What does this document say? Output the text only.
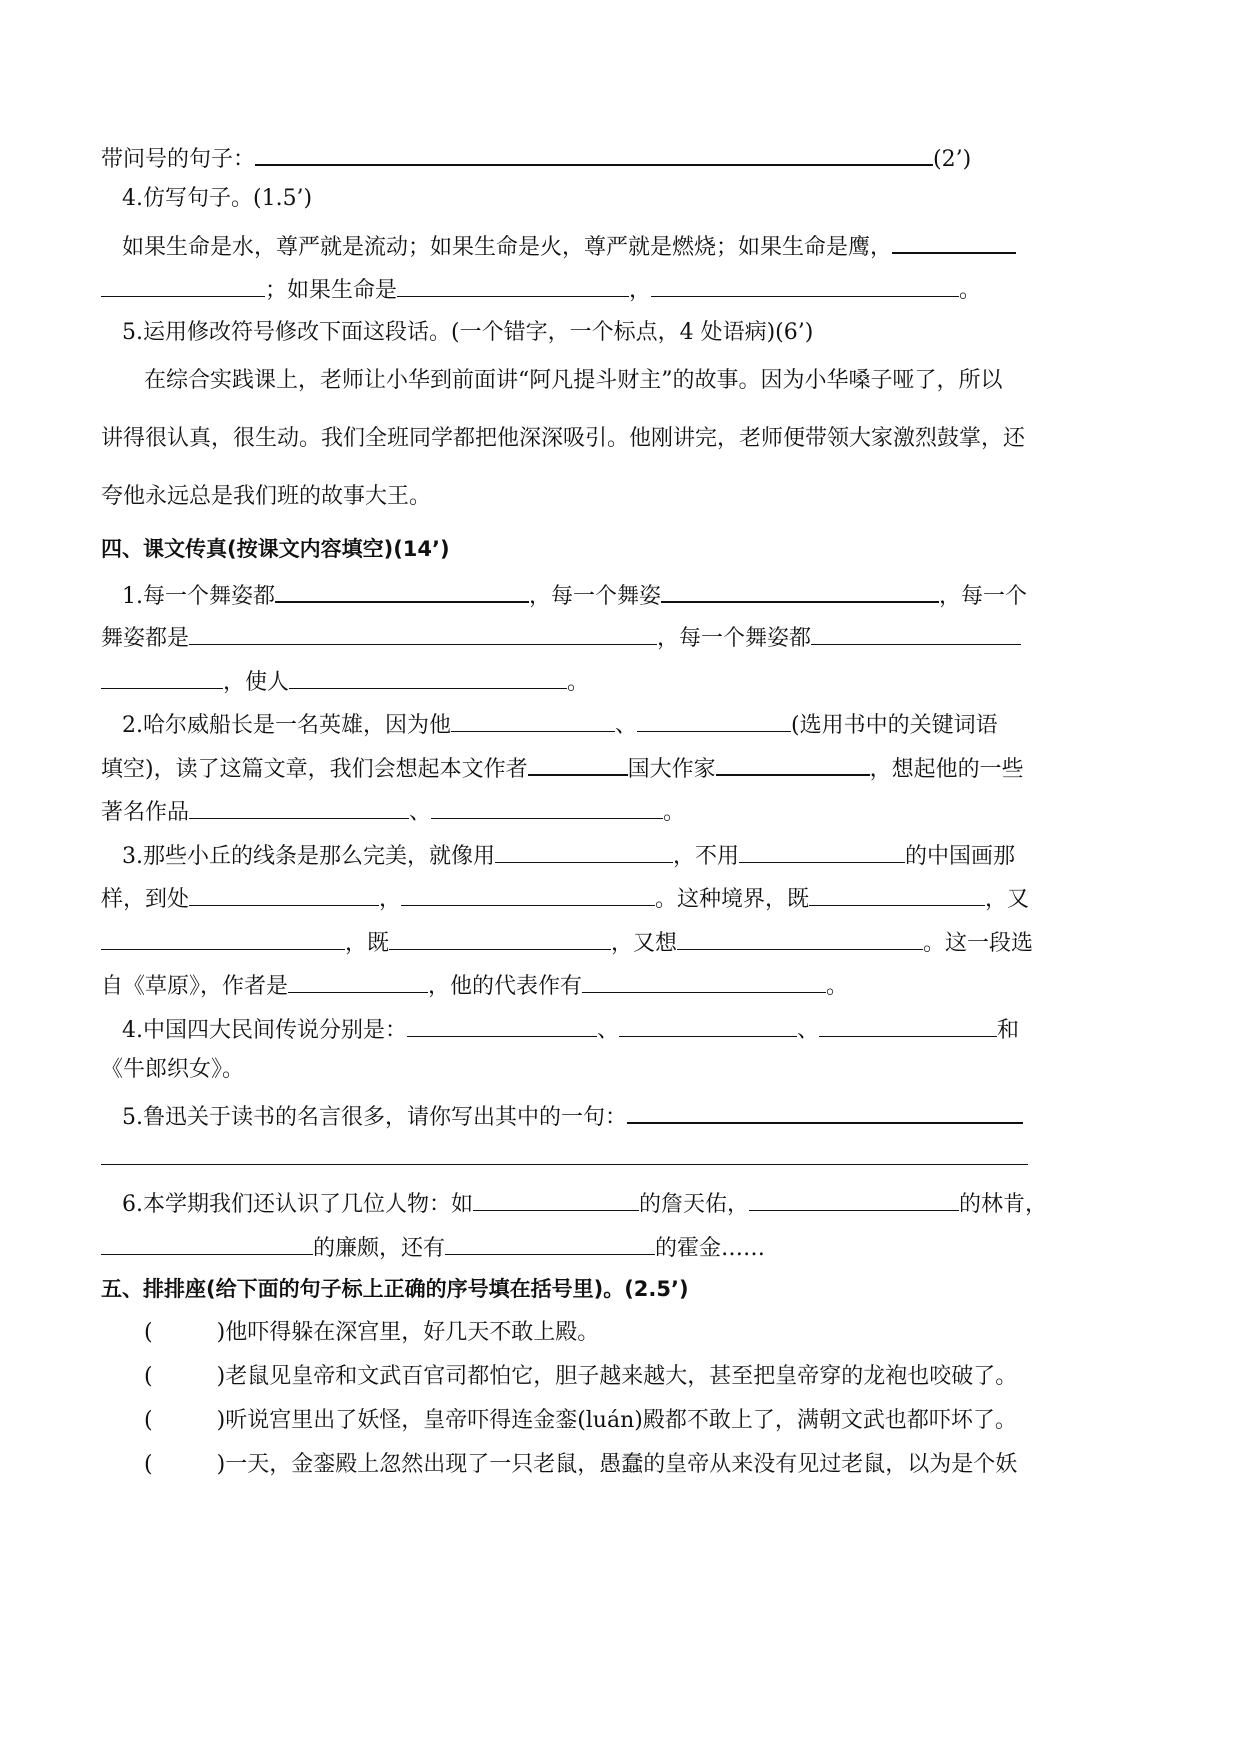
带问号的句子：	(2’)
4.仿写句子。(1.5’)
如果生命是水，尊严就是流动；如果生命是火，尊严就是燃烧；如果生命是鹰，
；如果生命是	，	。
5.运用修改符号修改下面这段话。(一个错字，一个标点，4 处语病)(6’)
在综合实践课上，老师让小华到前面讲“阿凡提斗财主”的故事。因为小华嗓子哑了，所以
讲得很认真，很生动。我们全班同学都把他深深吸引。他刚讲完，老师便带领大家激烈鼓掌，还
夸他永远总是我们班的故事大王。
四、课文传真(按课文内容填空)(14’)
1.每一个舞姿都	，每一个舞姿	，每一个
舞姿都是	，每一个舞姿都
，使人	。
2.哈尔威船长是一名英雄，因为他	、	(选用书中的关键词语
填空)，读了这篇文章，我们会想起本文作者	国大作家	，想起他的一些
著名作品	、	。
3.那些小丘的线条是那么完美，就像用	，不用	的中国画那
样，到处	，	。这种境界，既	，又
，既	，又想	。这一段选
自《草原》，作者是	，他的代表作有	。
4.中国四大民间传说分别是：	、	、	和
《牛郎织女》。
5.鲁迅关于读书的名言很多，请你写出其中的一句：
6.本学期我们还认识了几位人物：如	的詹天佑，	的林肯，
的廉颇，还有	的霍金……
五、排排座(给下面的句子标上正确的序号填在括号里)。(2.5’)
(	)他吓得躲在深宫里，好几天不敢上殿。
(	)老鼠见皇帝和文武百官司都怕它，胆子越来越大，甚至把皇帝穿的龙袍也咬破了。
(	)听说宫里出了妖怪，皇帝吓得连金銮(luán)殿都不敢上了，满朝文武也都吓坏了。
(	)一天，金銮殿上忽然出现了一只老鼠，愚蠢的皇帝从来没有见过老鼠，以为是个妖
